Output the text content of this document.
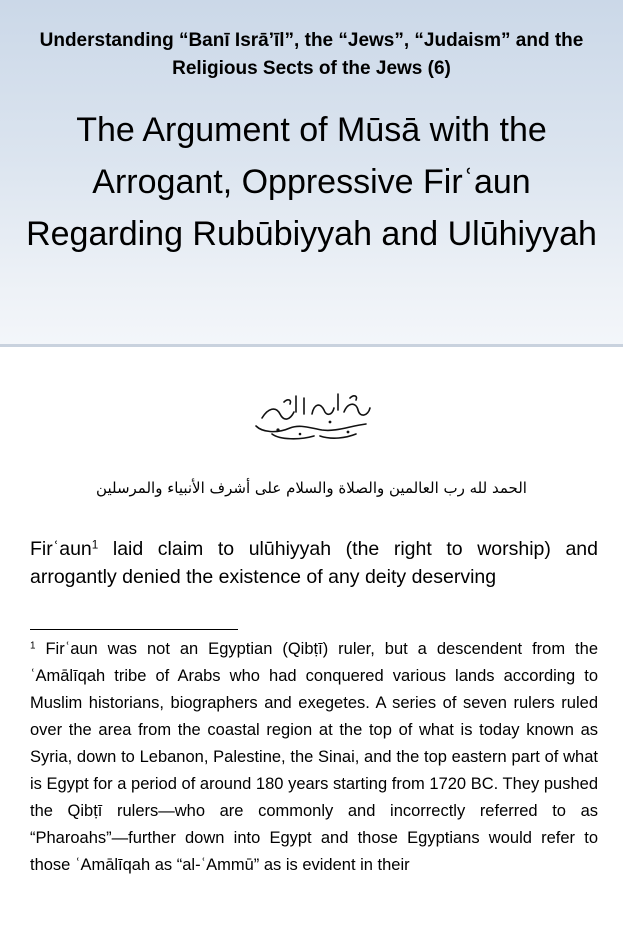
Understanding “Banī Isrā’īl”, the “Jews”, “Judaism” and the Religious Sects of the Jews (6)

The Argument of Mūsā with the Arrogant, Oppressive Firʿaun Regarding Rubūbiyyah and Ulūhiyyah

الحمد لله رب العالمين والصلاة والسلام على أشرف الأنبياء والمرسلين

Firʿaun$^1$ laid claim to ulūhiyyah (the right to worship) and arrogantly denied the existence of any deity deserving

$^1$ Firʿaun was not an Egyptian (Qibṭī) ruler, but a descendent from the ʿAmālīqah tribe of Arabs who had conquered various lands according to Muslim historians, biographers and exegetes. A series of seven rulers ruled over the area from the coastal region at the top of what is today known as Syria, down to Lebanon, Palestine, the Sinai, and the top eastern part of what is Egypt for a period of around 180 years starting from 1720 BC. They pushed the Qibṭī rulers—who are commonly and incorrectly referred to as “Pharoahs”—further down into Egypt and those Egyptians would refer to those ʿAmālīqah as “al-ʿAmmū” as is evident in their
